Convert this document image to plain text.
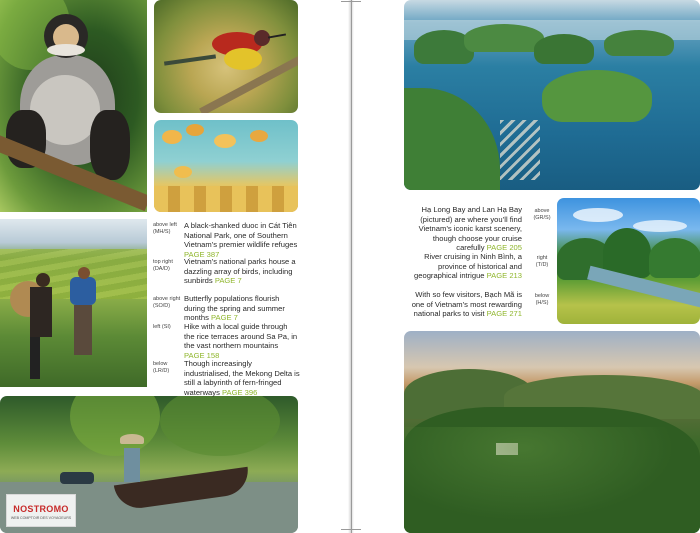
NOSTROMO
WEB COMPTOIR DES VOYAGEURS
above left (MH/S)
A black-shanked duoc in Cát Tiên National Park, one of Southern Vietnam’s premier wildlife refuges PAGE 387
top right (DA/D)
Vietnam’s national parks house a dazzling array of birds, including sunbirds PAGE 7
above right (SO/D)
Butterfly populations flourish during the spring and summer months PAGE 7
left (SI)	Hike with a local guide through the rice terraces around Sa Pa, in the vast northern mountains PAGE 158
below (LR/D)
Though increasingly industrialised, the Mekong Delta is still a labyrinth of fern-fringed waterways PAGE 396
Hạ Long Bay and Lan Hạ Bay (pictured) are where you’ll find Vietnam’s iconic karst scenery, though choose your cruise carefully PAGE 205
above (GR/S)
River cruising in Ninh Bình, a province of historical and geographical intrigue PAGE 213
right (T/D)
With so few visitors, Bạch Mã is one of Vietnam’s most rewarding national parks to visit PAGE 271
below (H/S)
